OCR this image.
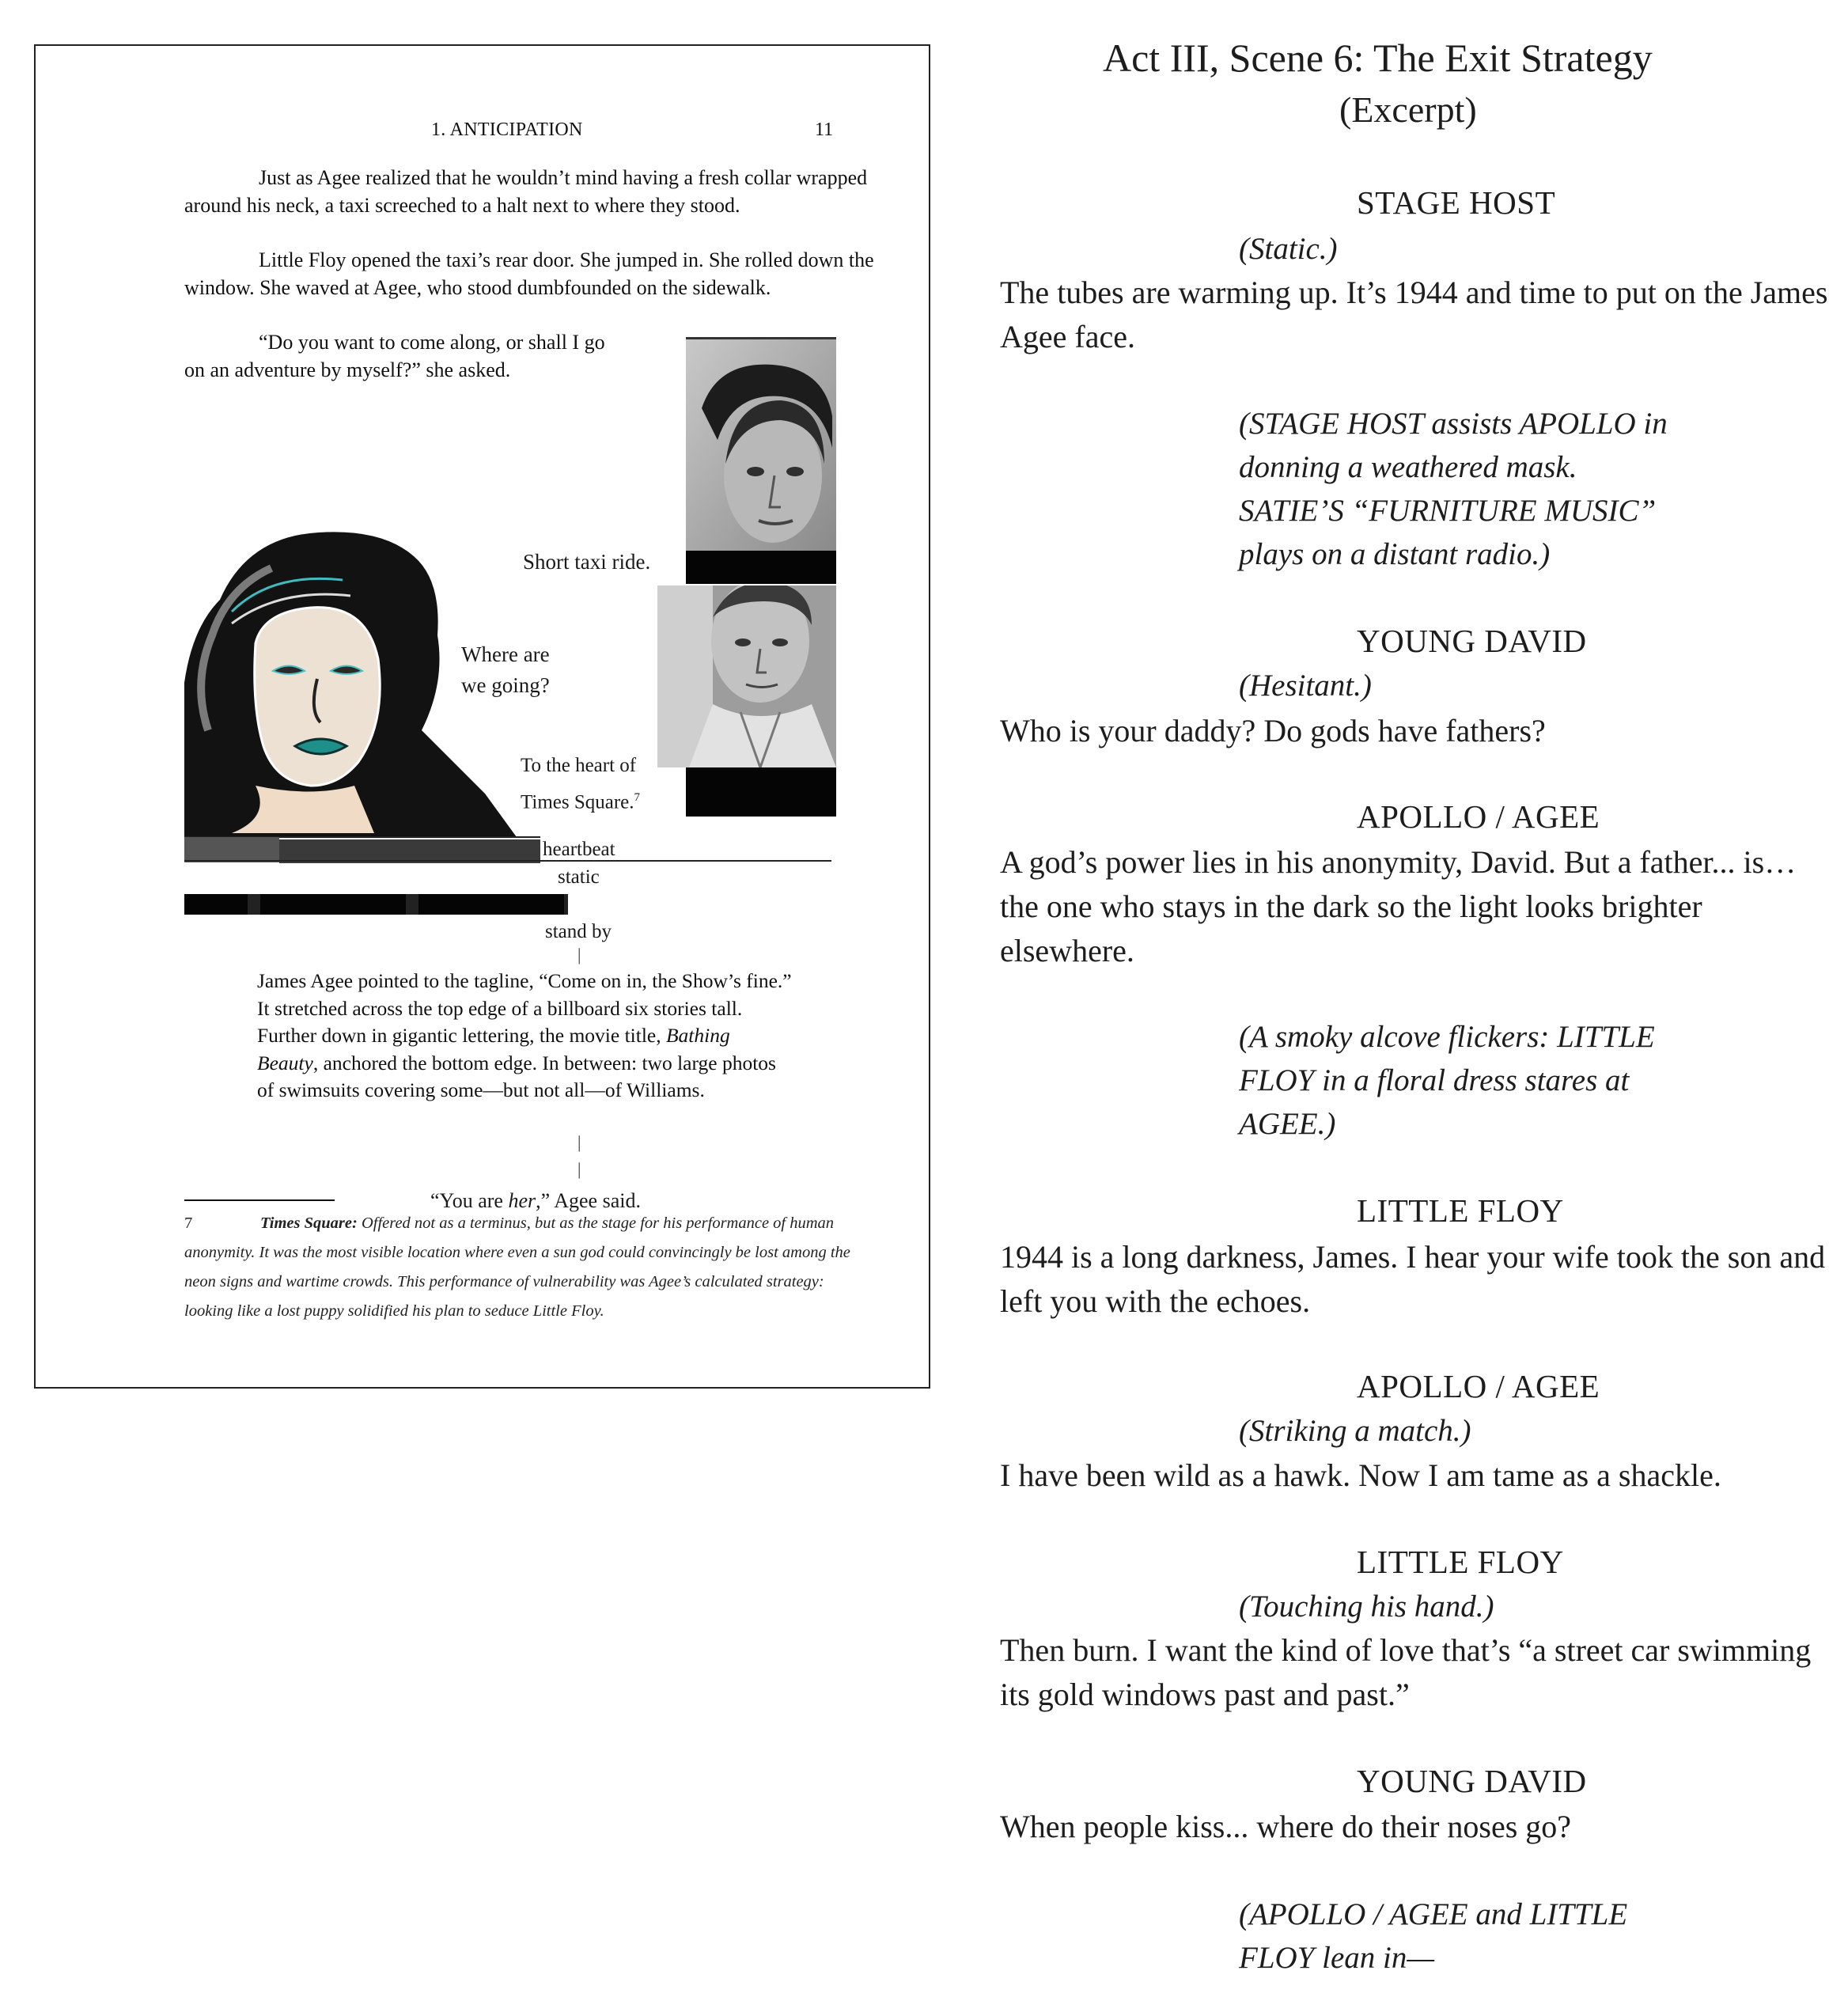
1. ANTICIPATION	11

Just as Agee realized that he wouldn’t mind having a fresh collar wrapped around his neck, a taxi screeched to a halt next to where they stood.

Little Floy opened the taxi’s rear door. She jumped in. She rolled down the window. She waved at Agee, who stood dumbfounded on the sidewalk.

“Do you want to come along, or shall I go
on an adventure by myself?” she asked.
Short taxi ride.
Where are
we going?
To the heart of
Times Square.$^7$
heartbeat
static
stand by
|

James Agee pointed to the tagline, “Come on in, the Show’s fine.” It stretched across the top edge of a billboard six stories tall. Further down in gigantic lettering, the movie title, Bathing Beauty, anchored the bottom edge. In between: two large photos of swimsuits covering some—but not all—of Williams.

|
|
“You are her,” Agee said.
7	Times Square: Offered not as a terminus, but as the stage for his performance of human anonymity. It was the most visible location where even a sun god could convincingly be lost among the neon signs and wartime crowds. This performance of vulnerability was Agee’s calculated strategy: looking like a lost puppy solidified his plan to seduce Little Floy.
Act III, Scene 6: The Exit Strategy
(Excerpt)
STAGE HOST
(Static.)
The tubes are warming up. It’s 1944 and time to put on the James Agee face.
(STAGE HOST assists APOLLO in donning a weathered mask. SATIE’S “FURNITURE MUSIC” plays on a distant radio.)
YOUNG DAVID
(Hesitant.)
Who is your daddy? Do gods have fathers?
APOLLO / AGEE
A god’s power lies in his anonymity, David. But a father... is… the one who stays in the dark so the light looks brighter elsewhere.
(A smoky alcove flickers: LITTLE FLOY in a floral dress stares at AGEE.)
LITTLE FLOY
1944 is a long darkness, James. I hear your wife took the son and left you with the echoes.
APOLLO / AGEE
(Striking a match.)
I have been wild as a hawk. Now I am tame as a shackle.
LITTLE FLOY
(Touching his hand.)
Then burn. I want the kind of love that’s “a street car swimming its gold windows past and past.”
YOUNG DAVID
When people kiss... where do their noses go?
(APOLLO / AGEE and LITTLE FLOY lean in—
